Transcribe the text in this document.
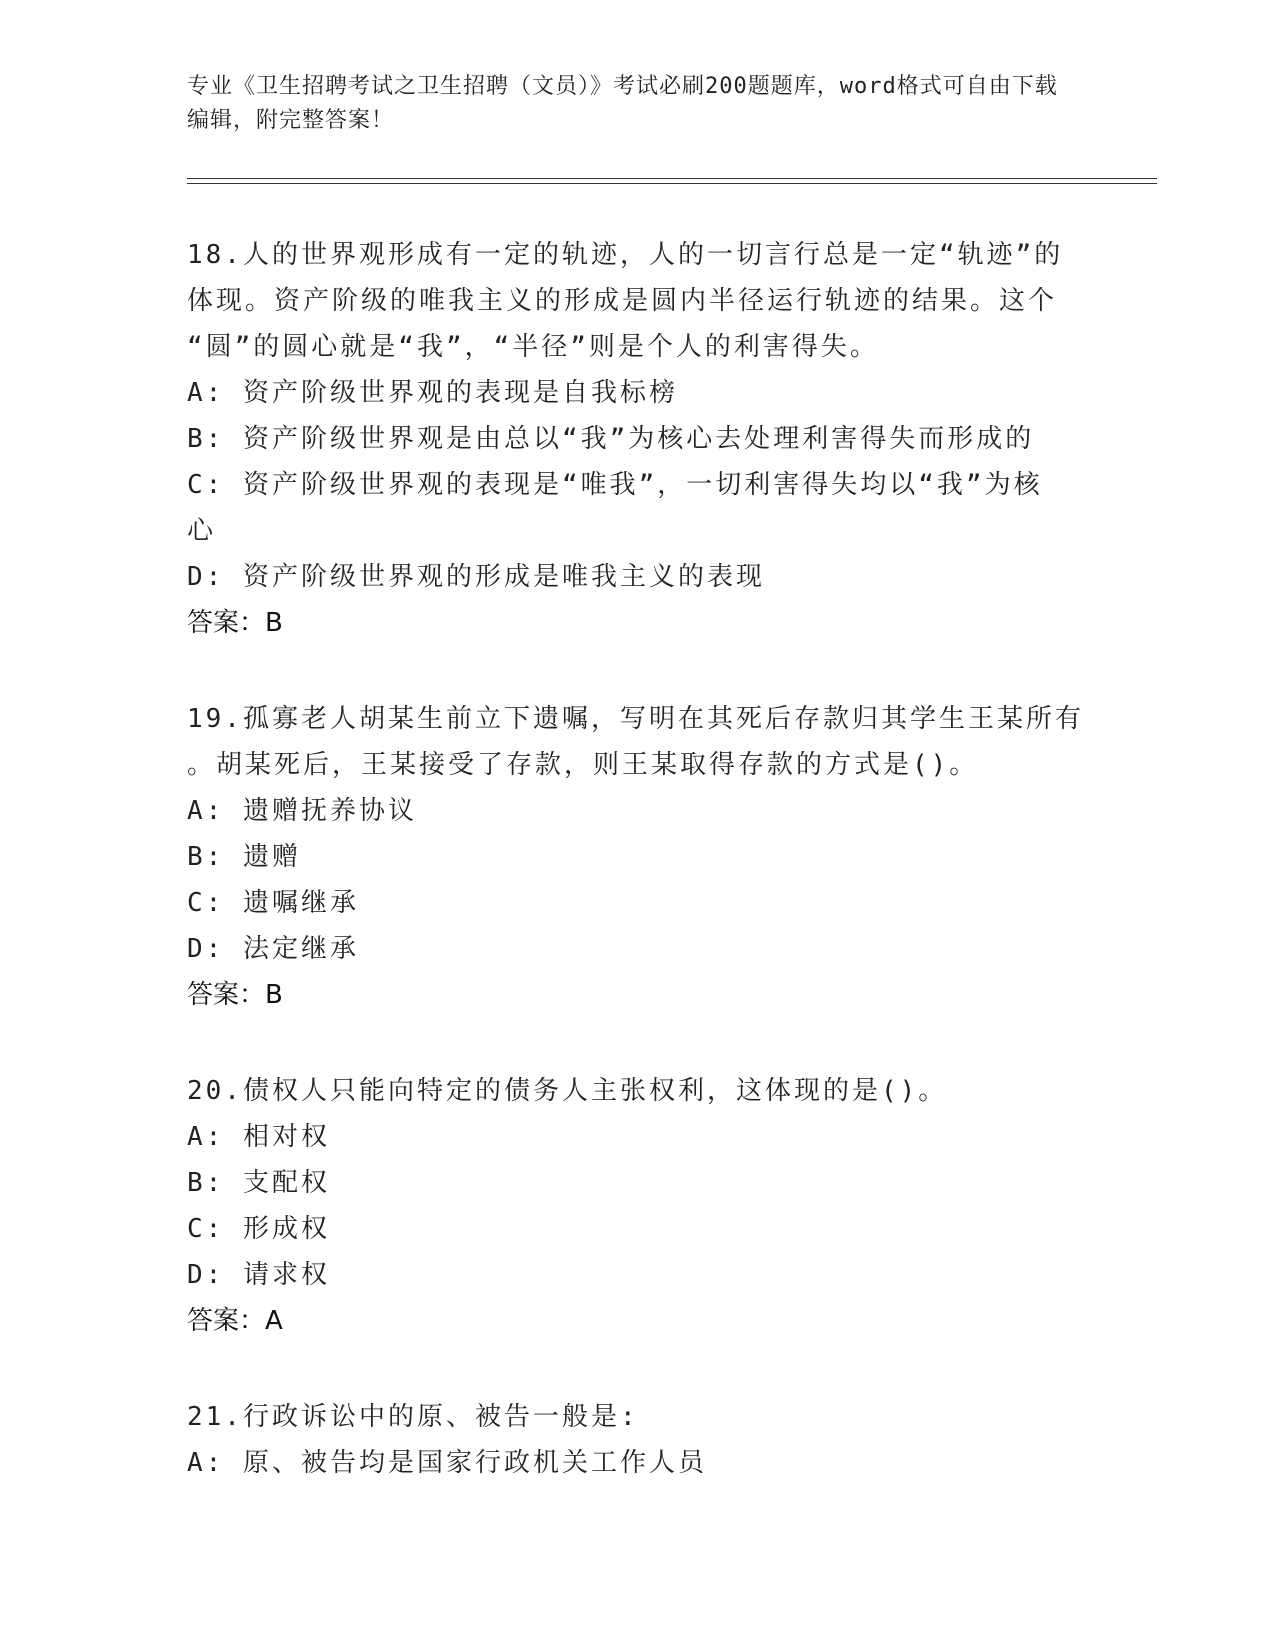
专业《卫生招聘考试之卫生招聘（文员）》考试必刷200题题库，word格式可自由下载编辑，附完整答案！
18.人的世界观形成有一定的轨迹，人的一切言行总是一定“轨迹”的
体现。资产阶级的唯我主义的形成是圆内半径运行轨迹的结果。这个
“圆”的圆心就是“我”，“半径”则是个人的利害得失。
A: 资产阶级世界观的表现是自我标榜
B: 资产阶级世界观是由总以“我”为核心去处理利害得失而形成的
C: 资产阶级世界观的表现是“唯我”，一切利害得失均以“我”为核
心
D: 资产阶级世界观的形成是唯我主义的表现
答案：B
19.孤寡老人胡某生前立下遗嘱，写明在其死后存款归其学生王某所有
。胡某死后，王某接受了存款，则王某取得存款的方式是()。
A: 遗赠抚养协议
B: 遗赠
C: 遗嘱继承
D: 法定继承
答案：B
20.债权人只能向特定的债务人主张权利，这体现的是()。
A: 相对权
B: 支配权
C: 形成权
D: 请求权
答案：A
21.行政诉讼中的原、被告一般是:
A: 原、被告均是国家行政机关工作人员
